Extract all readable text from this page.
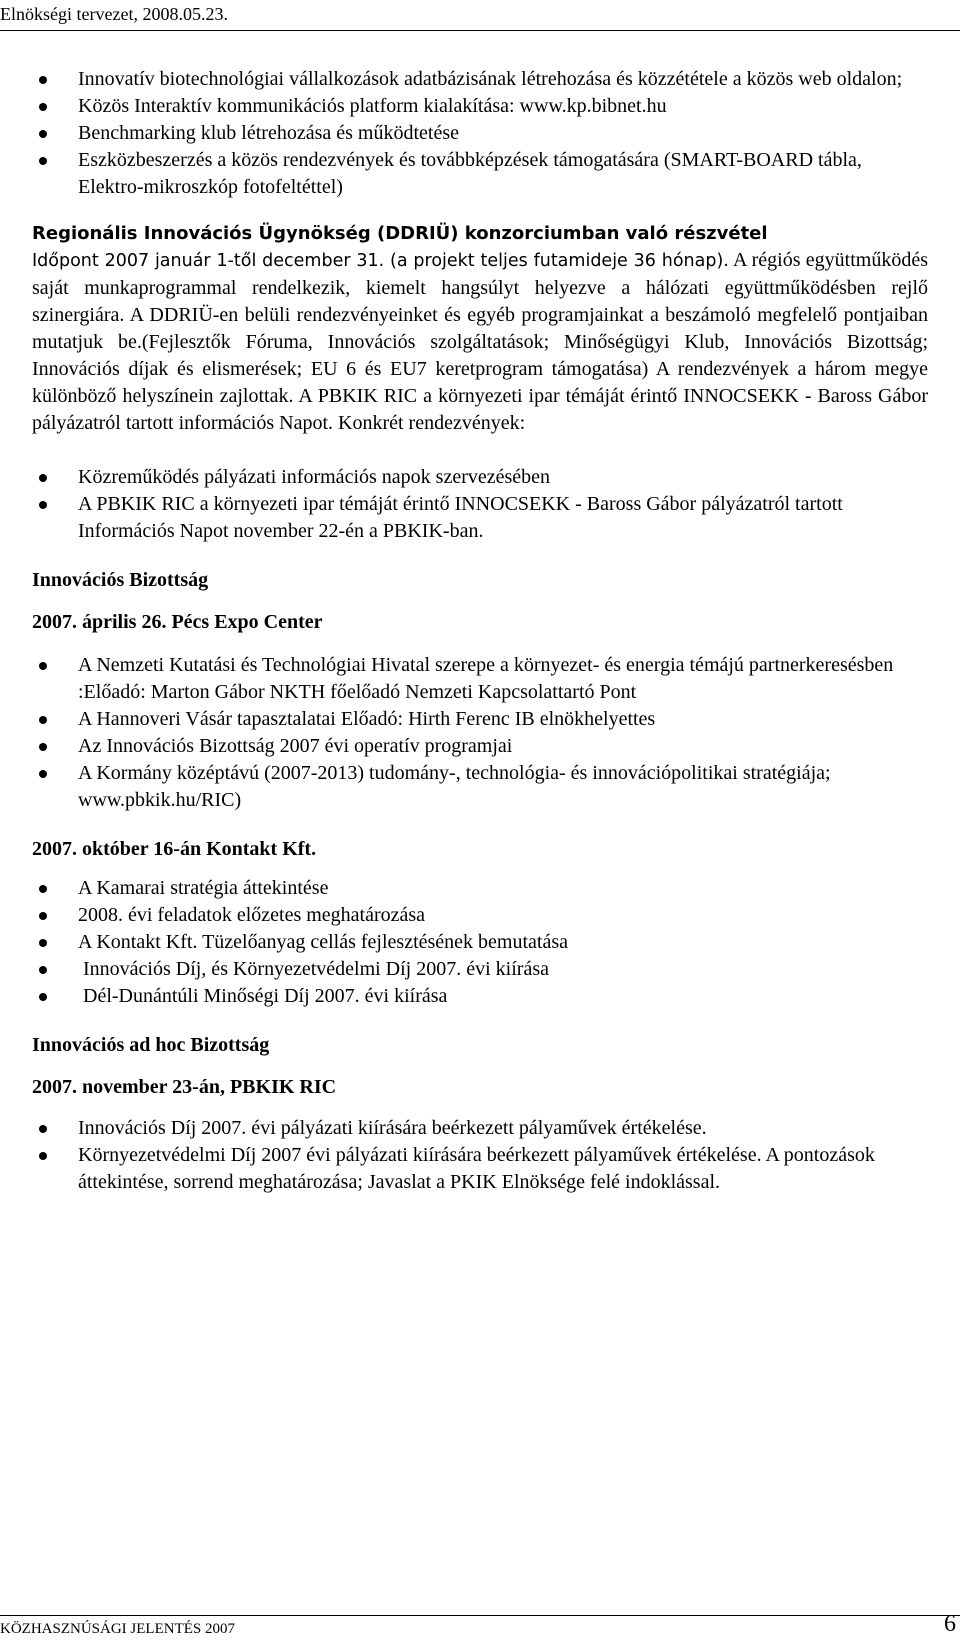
Elnökségi tervezet, 2008.05.23.
Innovatív biotechnológiai vállalkozások adatbázisának létrehozása és közzététele a közös web oldalon;
Közös Interaktív kommunikációs platform kialakítása: www.kp.bibnet.hu
Benchmarking klub létrehozása és működtetése
Eszközbeszerzés a közös rendezvények és továbbképzések támogatására (SMART-BOARD tábla, Elektro-mikroszkóp fotofeltéttel)
Regionális Innovációs Ügynökség (DDRIÜ) konzorciumban való részvétel
Időpont 2007 január 1-től december 31. (a projekt teljes futamideje 36 hónap). A régiós együttműködés saját munkaprogrammal rendelkezik, kiemelt hangsúlyt helyezve a hálózati együttműködésben rejlő szinergiára. A DDRIÜ-en belüli rendezvényeinket és egyéb programjainkat a beszámoló megfelelő pontjaiban mutatjuk be.(Fejlesztők Fóruma, Innovációs szolgáltatások; Minőségügyi Klub, Innovációs Bizottság; Innovációs díjak és elismerések; EU 6 és EU7 keretprogram támogatása) A rendezvények a három megye különböző helyszínein zajlottak. A PBKIK RIC a környezeti ipar témáját érintő INNOCSEKK - Baross Gábor pályázatról tartott információs Napot. Konkrét rendezvények:
Közreműködés pályázati információs napok szervezésében
A PBKIK RIC a környezeti ipar témáját érintő INNOCSEKK - Baross Gábor pályázatról tartott Információs Napot november 22-én a PBKIK-ban.
Innovációs Bizottság
2007. április 26. Pécs Expo Center
A Nemzeti Kutatási és Technológiai Hivatal szerepe a környezet- és energia témájú partnerkeresésben :Előadó: Marton Gábor NKTH főelőadó Nemzeti Kapcsolattartó Pont
A Hannoveri Vásár tapasztalatai Előadó: Hirth Ferenc IB elnökhelyettes
Az Innovációs Bizottság 2007 évi operatív programjai
A Kormány középtávú (2007-2013) tudomány-, technológia- és innovációpolitikai stratégiája; www.pbkik.hu/RIC)
2007. október 16-án Kontakt Kft.
A Kamarai stratégia áttekintése
2008. évi feladatok előzetes meghatározása
A Kontakt Kft. Tüzelőanyag cellás fejlesztésének bemutatása
Innovációs Díj, és Környezetvédelmi Díj 2007. évi kiírása
Dél-Dunántúli Minőségi Díj 2007. évi kiírása
Innovációs ad hoc Bizottság
2007. november 23-án, PBKIK RIC
Innovációs Díj 2007. évi pályázati kiírására beérkezett pályaművek értékelése.
Környezetvédelmi Díj 2007 évi pályázati kiírására beérkezett pályaművek értékelése. A pontozások áttekintése, sorrend meghatározása; Javaslat a PKIK Elnöksége felé indoklással.
KÖZHASZNÚSÁGI JELENTÉS 2007	6
